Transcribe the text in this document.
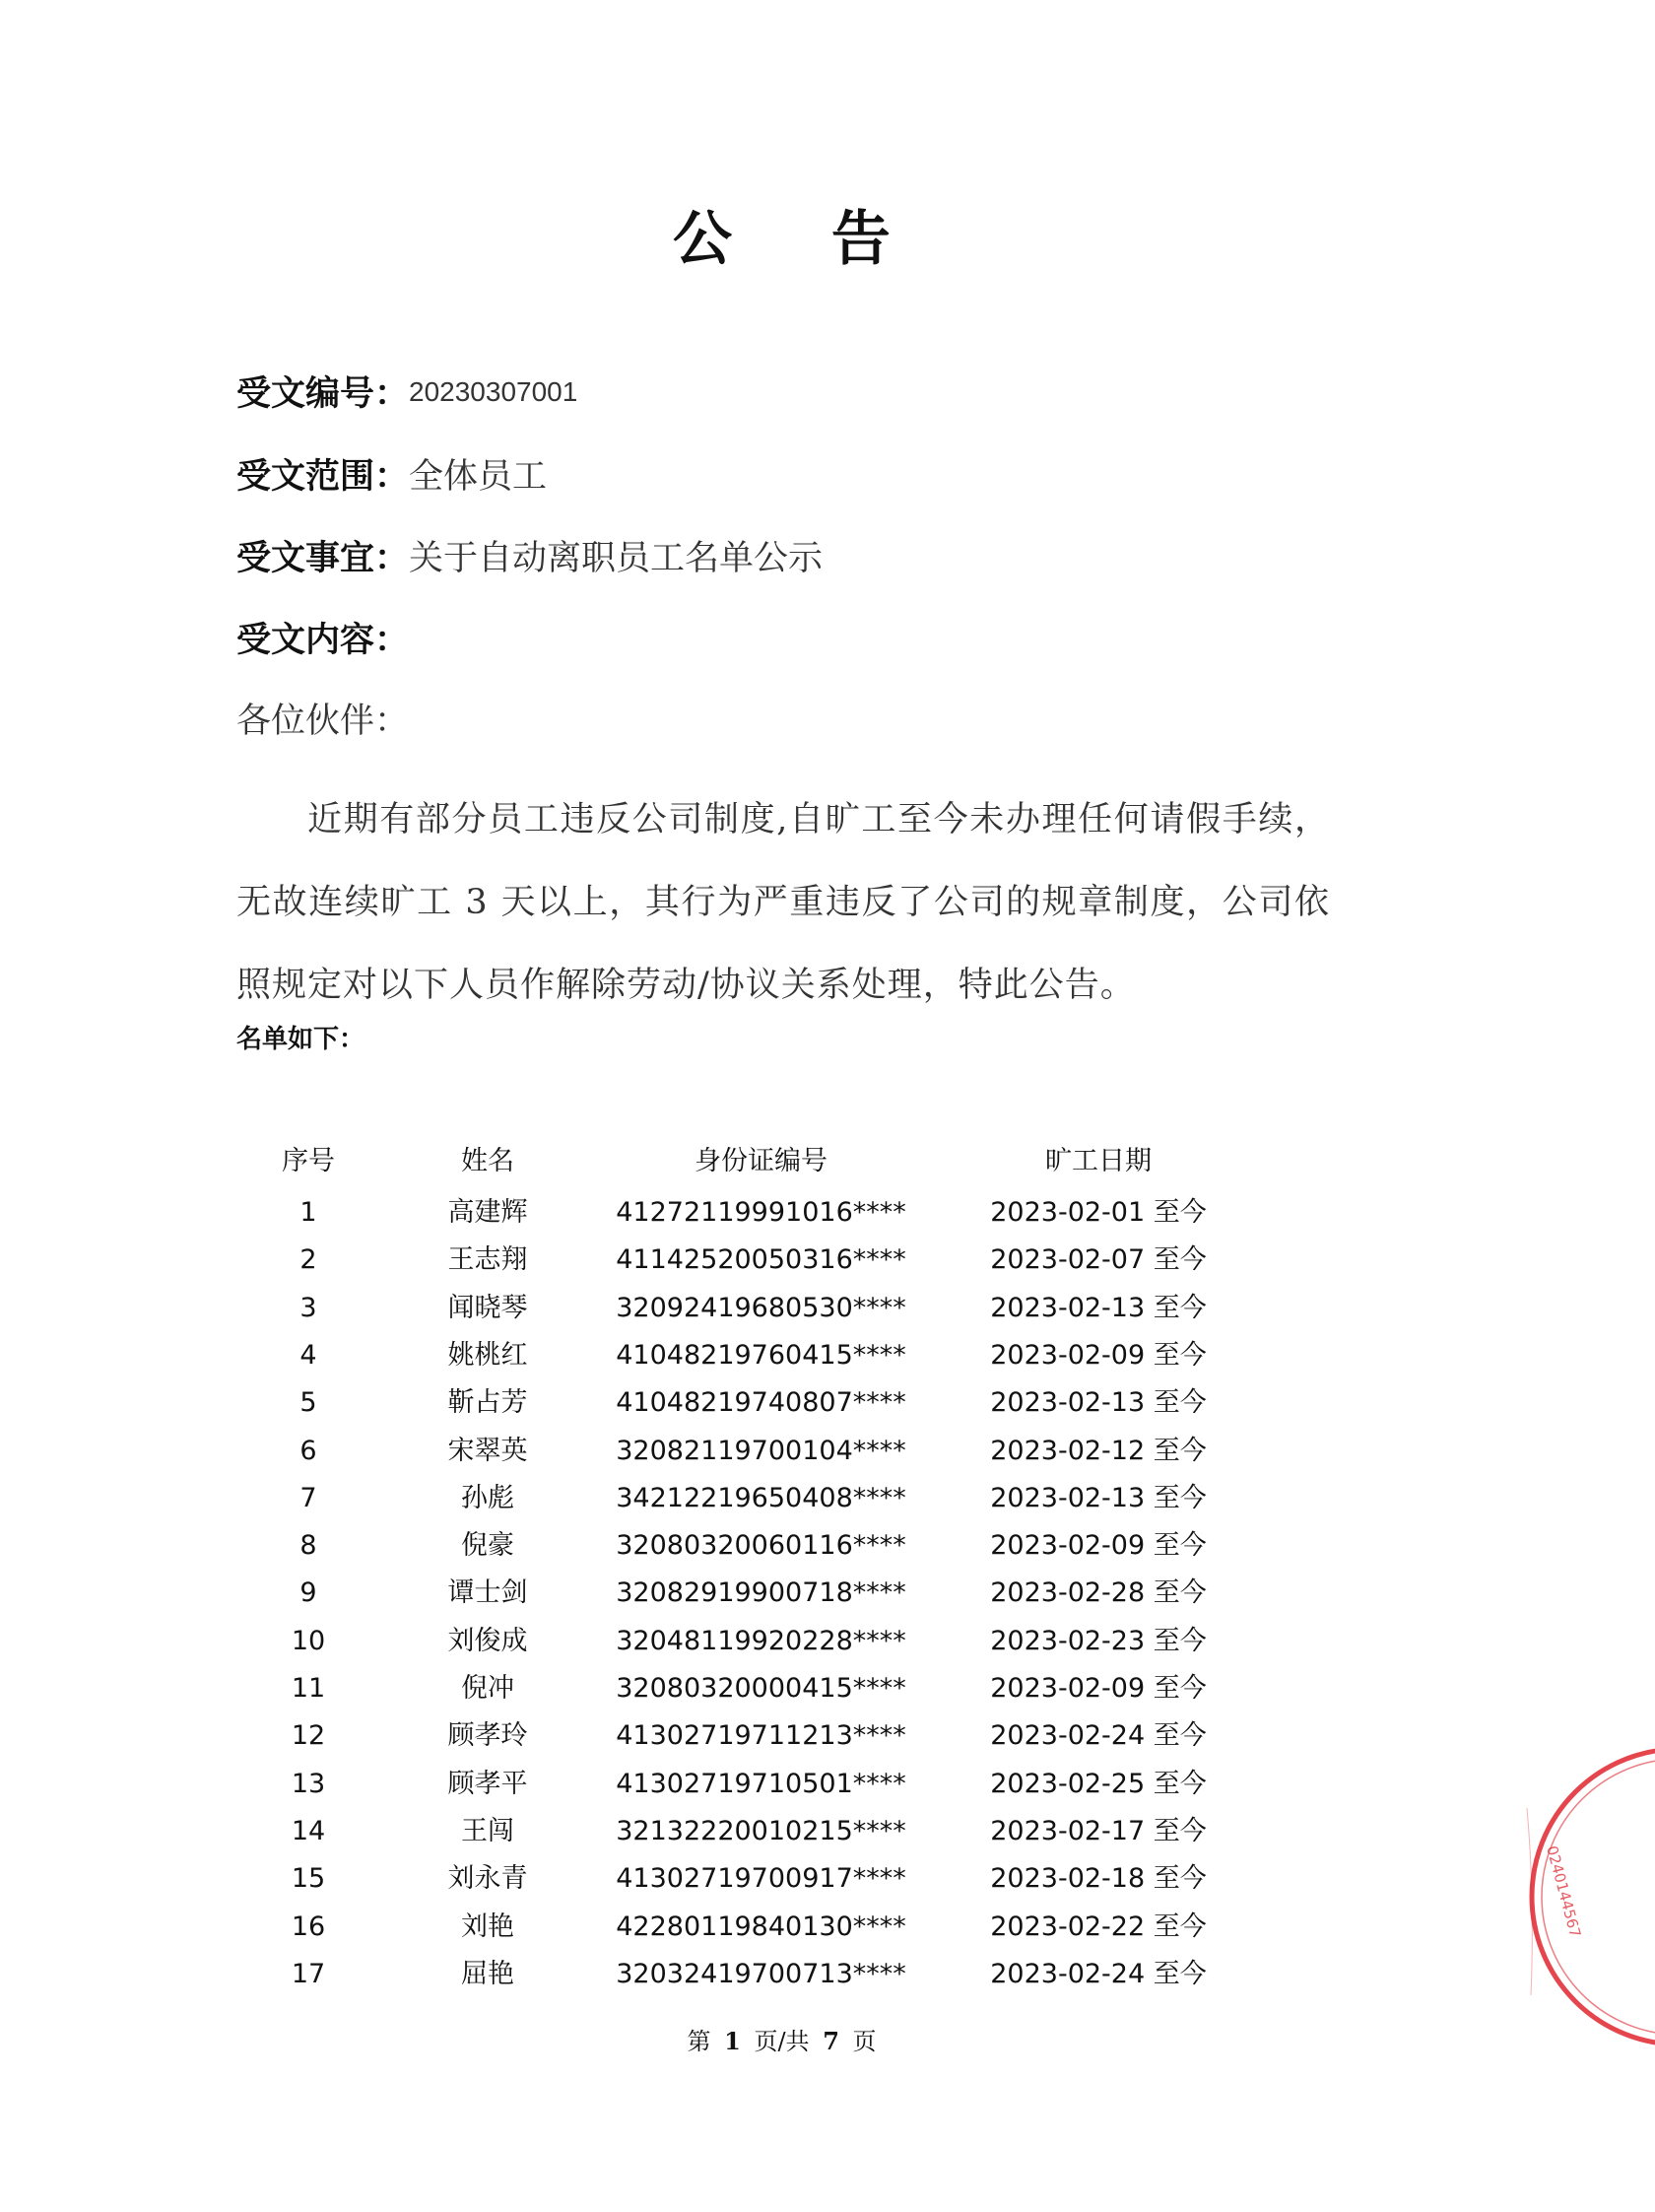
公 告
受文编号：20230307001
受文范围：全体员工
受文事宜：关于自动离职员工名单公示
受文内容：
各位伙伴：
近期有部分员工违反公司制度,自旷工至今未办理任何请假手续，无故连续旷工 3 天以上，其行为严重违反了公司的规章制度，公司依照规定对以下人员作解除劳动/协议关系处理，特此公告。
名单如下：
序号	姓名	身份证编号	旷工日期
1	高建辉	41272119991016****	2023-02-01 至今
2	王志翔	41142520050316****	2023-02-07 至今
3	闻晓琴	32092419680530****	2023-02-13 至今
4	姚桃红	41048219760415****	2023-02-09 至今
5	靳占芳	41048219740807****	2023-02-13 至今
6	宋翠英	32082119700104****	2023-02-12 至今
7	孙彪	34212219650408****	2023-02-13 至今
8	倪豪	32080320060116****	2023-02-09 至今
9	谭士剑	32082919900718****	2023-02-28 至今
10	刘俊成	32048119920228****	2023-02-23 至今
11	倪冲	32080320000415****	2023-02-09 至今
12	顾孝玲	41302719711213****	2023-02-24 至今
13	顾孝平	41302719710501****	2023-02-25 至今
14	王闯	32132220010215****	2023-02-17 至今
15	刘永青	41302719700917****	2023-02-18 至今
16	刘艳	42280119840130****	2023-02-22 至今
17	屈艳	32032419700713****	2023-02-24 至今
第 1 页/共 7 页
0240144567
